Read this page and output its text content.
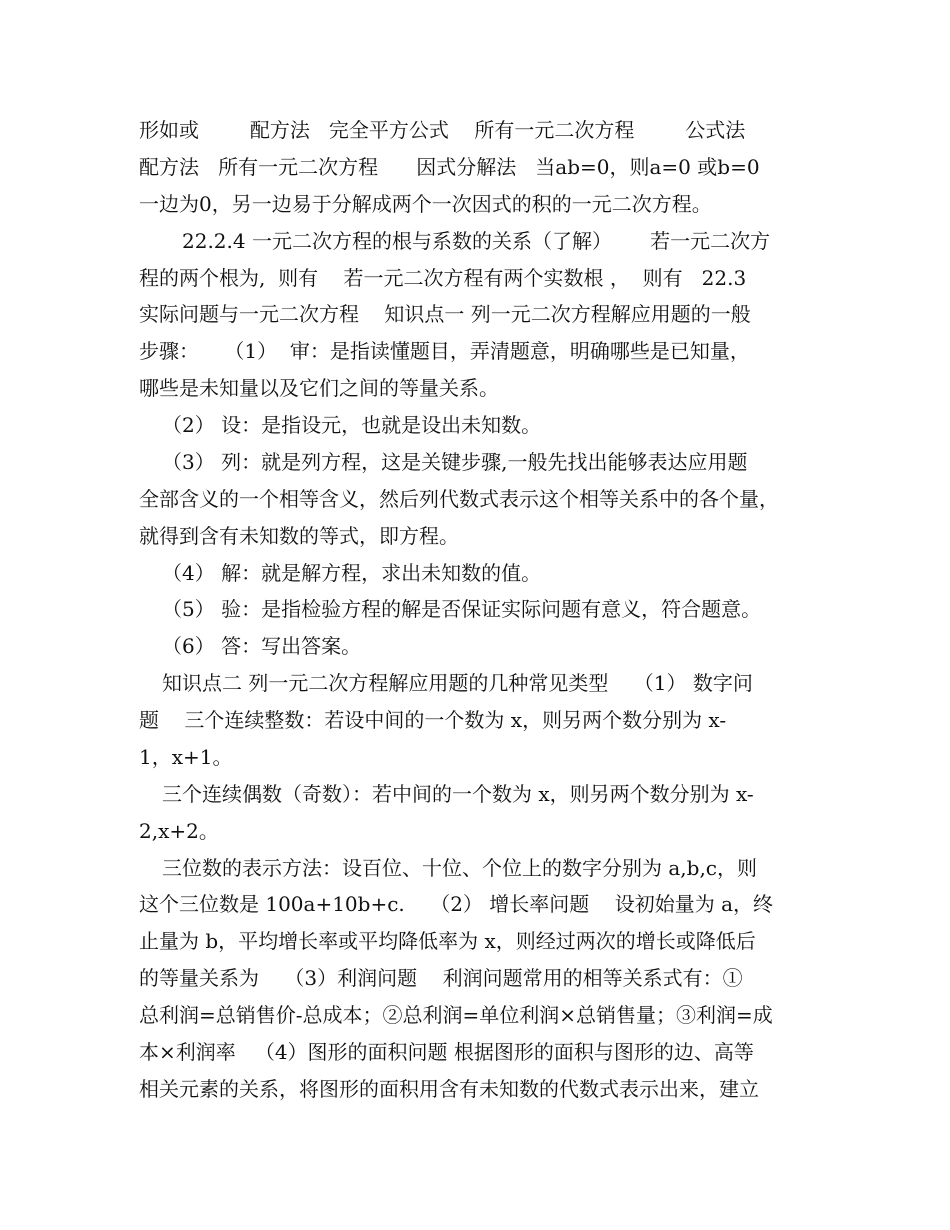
形如或        配方法   完全平方公式    所有一元二次方程        公式法
配方法   所有一元二次方程      因式分解法   当ab=0，则a=0 或b=0
一边为0，另一边易于分解成两个一次因式的积的一元二次方程。
22.2.4 一元二次方程的根与系数的关系（了解）      若一元二次方
程的两个根为,  则有    若一元二次方程有两个实数根 ，  则有   22.3
实际问题与一元二次方程    知识点一 列一元二次方程解应用题的一般
步骤：    （1）  审：是指读懂题目，弄清题意，明确哪些是已知量，
哪些是未知量以及它们之间的等量关系。
（2） 设：是指设元，也就是设出未知数。
（3） 列：就是列方程，这是关键步骤,一般先找出能够表达应用题
全部含义的一个相等含义，然后列代数式表示这个相等关系中的各个量，
就得到含有未知数的等式，即方程。
（4） 解：就是解方程，求出未知数的值。
（5） 验：是指检验方程的解是否保证实际问题有意义，符合题意。
（6） 答：写出答案。
知识点二 列一元二次方程解应用题的几种常见类型    （1） 数字问
题    三个连续整数：若设中间的一个数为 x，则另两个数分别为 x-
1，x+1。
三个连续偶数（奇数）：若中间的一个数为 x，则另两个数分别为 x-
2,x+2。
三位数的表示方法：设百位、十位、个位上的数字分别为 a,b,c，则
这个三位数是 100a+10b+c.    （2） 增长率问题    设初始量为 a，终
止量为 b，平均增长率或平均降低率为 x，则经过两次的增长或降低后
的等量关系为    （3）利润问题    利润问题常用的相等关系式有：①
总利润=总销售价-总成本；②总利润=单位利润×总销售量；③利润=成
本×利润率   （4）图形的面积问题 根据图形的面积与图形的边、高等
相关元素的关系，将图形的面积用含有未知数的代数式表示出来，建立
